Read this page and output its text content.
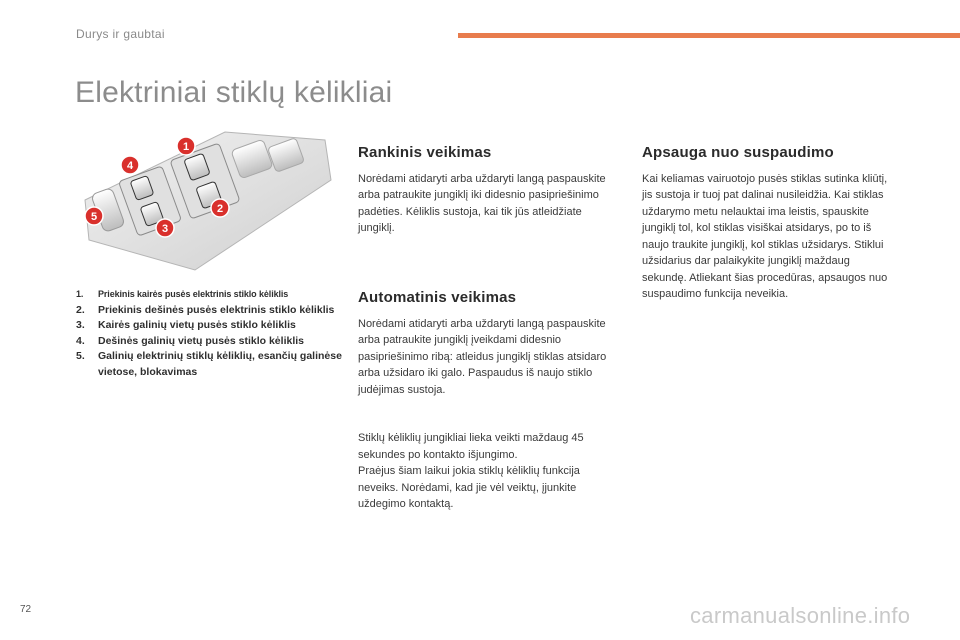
Durys ir gaubtai
Elektriniai stiklų kėlikliai
1
2
3
4
5
1.	Priekinis kairės pusės elektrinis stiklo kėliklis
2.	Priekinis dešinės pusės elektrinis stiklo kėliklis
3.	Kairės galinių vietų pusės stiklo kėliklis
4.	Dešinės galinių vietų pusės stiklo kėliklis
5.	Galinių elektrinių stiklų kėliklių, esančių galinėse vietose, blokavimas
Rankinis veikimas

Norėdami atidaryti arba uždaryti langą paspauskite arba patraukite jungiklį iki didesnio pasipriešinimo padėties. Kėliklis sustoja, kai tik jūs atleidžiate jungiklį.

Automatinis veikimas

Norėdami atidaryti arba uždaryti langą paspauskite arba patraukite jungiklį įveikdami didesnio pasipriešinimo ribą: atleidus jungiklį stiklas atsidaro arba užsidaro iki galo. Paspaudus iš naujo stiklo judėjimas sustoja.

Stiklų kėliklių jungikliai lieka veikti maždaug 45 sekundes po kontakto išjungimo.

Praėjus šiam laikui jokia stiklų kėliklių funkcija neveiks. Norėdami, kad jie vėl veiktų, įjunkite uždegimo kontaktą.

Apsauga nuo suspaudimo

Kai keliamas vairuotojo pusės stiklas sutinka kliūtį, jis sustoja ir tuoj pat dalinai nusileidžia. Kai stiklas uždarymo metu nelauktai ima leistis, spauskite jungiklį tol, kol stiklas visiškai atsidarys, po to iš naujo traukite jungiklį, kol stiklas užsidarys. Stiklui užsidarius dar palaikykite jungiklį maždaug sekundę. Atliekant šias procedūras, apsaugos nuo suspaudimo funkcija neveikia.

72	carmanualsonline.info
